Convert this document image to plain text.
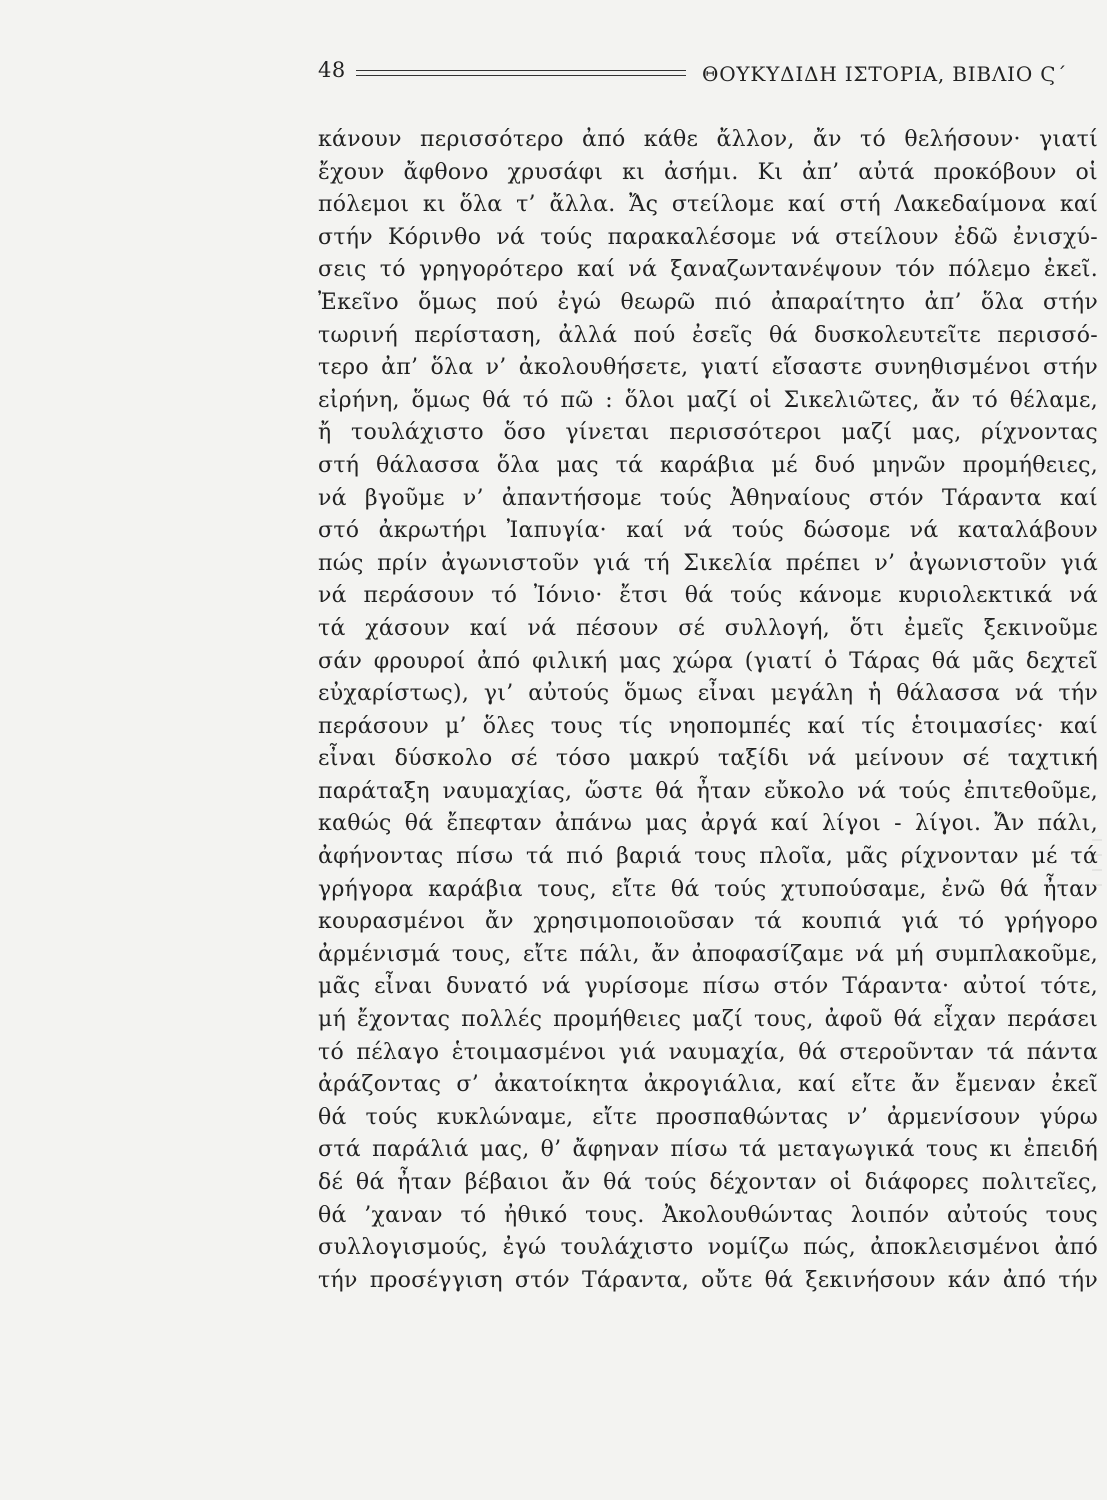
48	ΘΟΥΚΥΔΙΔΗ ΙΣΤΟΡΙΑ, ΒΙΒΛΙΟ Ϛ΄
κάνουν περισσότερο ἀπό κάθε ἄλλον, ἄν τό θελήσουν· γιατί
ἔχουν ἄφθονο χρυσάφι κι ἀσήμι. Κι ἀπ’ αὐτά προκόβουν οἱ
πόλεμοι κι ὅλα τ’ ἄλλα. Ἄς στείλομε καί στή Λακεδαίμονα καί
στήν Κόρινθο νά τούς παρακαλέσομε νά στείλουν ἐδῶ ἐνισχύ-
σεις τό γρηγορότερο καί νά ξαναζωντανέψουν τόν πόλεμο ἐκεῖ.
Ἐκεῖνο ὅμως πού ἐγώ θεωρῶ πιό ἀπαραίτητο ἀπ’ ὅλα στήν
τωρινή περίσταση, ἀλλά πού ἐσεῖς θά δυσκολευτεῖτε περισσό-
τερο ἀπ’ ὅλα ν’ ἀκολουθήσετε, γιατί εἴσαστε συνηθισμένοι στήν
εἰρήνη, ὅμως θά τό πῶ : ὅλοι μαζί οἱ Σικελιῶτες, ἄν τό θέλαμε,
ἤ τουλάχιστο ὅσο γίνεται περισσότεροι μαζί μας, ρίχνοντας
στή θάλασσα ὅλα μας τά καράβια μέ δυό μηνῶν προμήθειες,
νά βγοῦμε ν’ ἀπαντήσομε τούς Ἀθηναίους στόν Τάραντα καί
στό ἀκρωτήρι Ἰαπυγία· καί νά τούς δώσομε νά καταλάβουν
πώς πρίν ἀγωνιστοῦν γιά τή Σικελία πρέπει ν’ ἀγωνιστοῦν γιά
νά περάσουν τό Ἰόνιο· ἔτσι θά τούς κάνομε κυριολεκτικά νά
τά χάσουν καί νά πέσουν σέ συλλογή, ὅτι ἐμεῖς ξεκινοῦμε
σάν φρουροί ἀπό φιλική μας χώρα (γιατί ὁ Τάρας θά μᾶς δεχτεῖ
εὐχαρίστως), γι’ αὐτούς ὅμως εἶναι μεγάλη ἡ θάλασσα νά τήν
περάσουν μ’ ὅλες τους τίς νηοπομπές καί τίς ἑτοιμασίες· καί
εἶναι δύσκολο σέ τόσο μακρύ ταξίδι νά μείνουν σέ ταχτική
παράταξη ναυμαχίας, ὥστε θά ἦταν εὔκολο νά τούς ἐπιτεθοῦμε,
καθώς θά ἔπεφταν ἀπάνω μας ἀργά καί λίγοι - λίγοι. Ἄν πάλι,
ἀφήνοντας πίσω τά πιό βαριά τους πλοῖα, μᾶς ρίχνονταν μέ τά
γρήγορα καράβια τους, εἴτε θά τούς χτυπούσαμε, ἐνῶ θά ἦταν
κουρασμένοι ἄν χρησιμοποιοῦσαν τά κουπιά γιά τό γρήγορο
ἀρμένισμά τους, εἴτε πάλι, ἄν ἀποφασίζαμε νά μή συμπλακοῦμε,
μᾶς εἶναι δυνατό νά γυρίσομε πίσω στόν Τάραντα· αὐτοί τότε,
μή ἔχοντας πολλές προμήθειες μαζί τους, ἀφοῦ θά εἶχαν περάσει
τό πέλαγο ἑτοιμασμένοι γιά ναυμαχία, θά στεροῦνταν τά πάντα
ἀράζοντας σ’ ἀκατοίκητα ἀκρογιάλια, καί εἴτε ἄν ἔμεναν ἐκεῖ
θά τούς κυκλώναμε, εἴτε προσπαθώντας ν’ ἀρμενίσουν γύρω
στά παράλιά μας, θ’ ἄφηναν πίσω τά μεταγωγικά τους κι ἐπειδή
δέ θά ἦταν βέβαιοι ἄν θά τούς δέχονταν οἱ διάφορες πολιτεῖες,
θά ’χαναν τό ἠθικό τους. Ἀκολουθώντας λοιπόν αὐτούς τους
συλλογισμούς, ἐγώ τουλάχιστο νομίζω πώς, ἀποκλεισμένοι ἀπό
τήν προσέγγιση στόν Τάραντα, οὔτε θά ξεκινήσουν κάν ἀπό τήν
